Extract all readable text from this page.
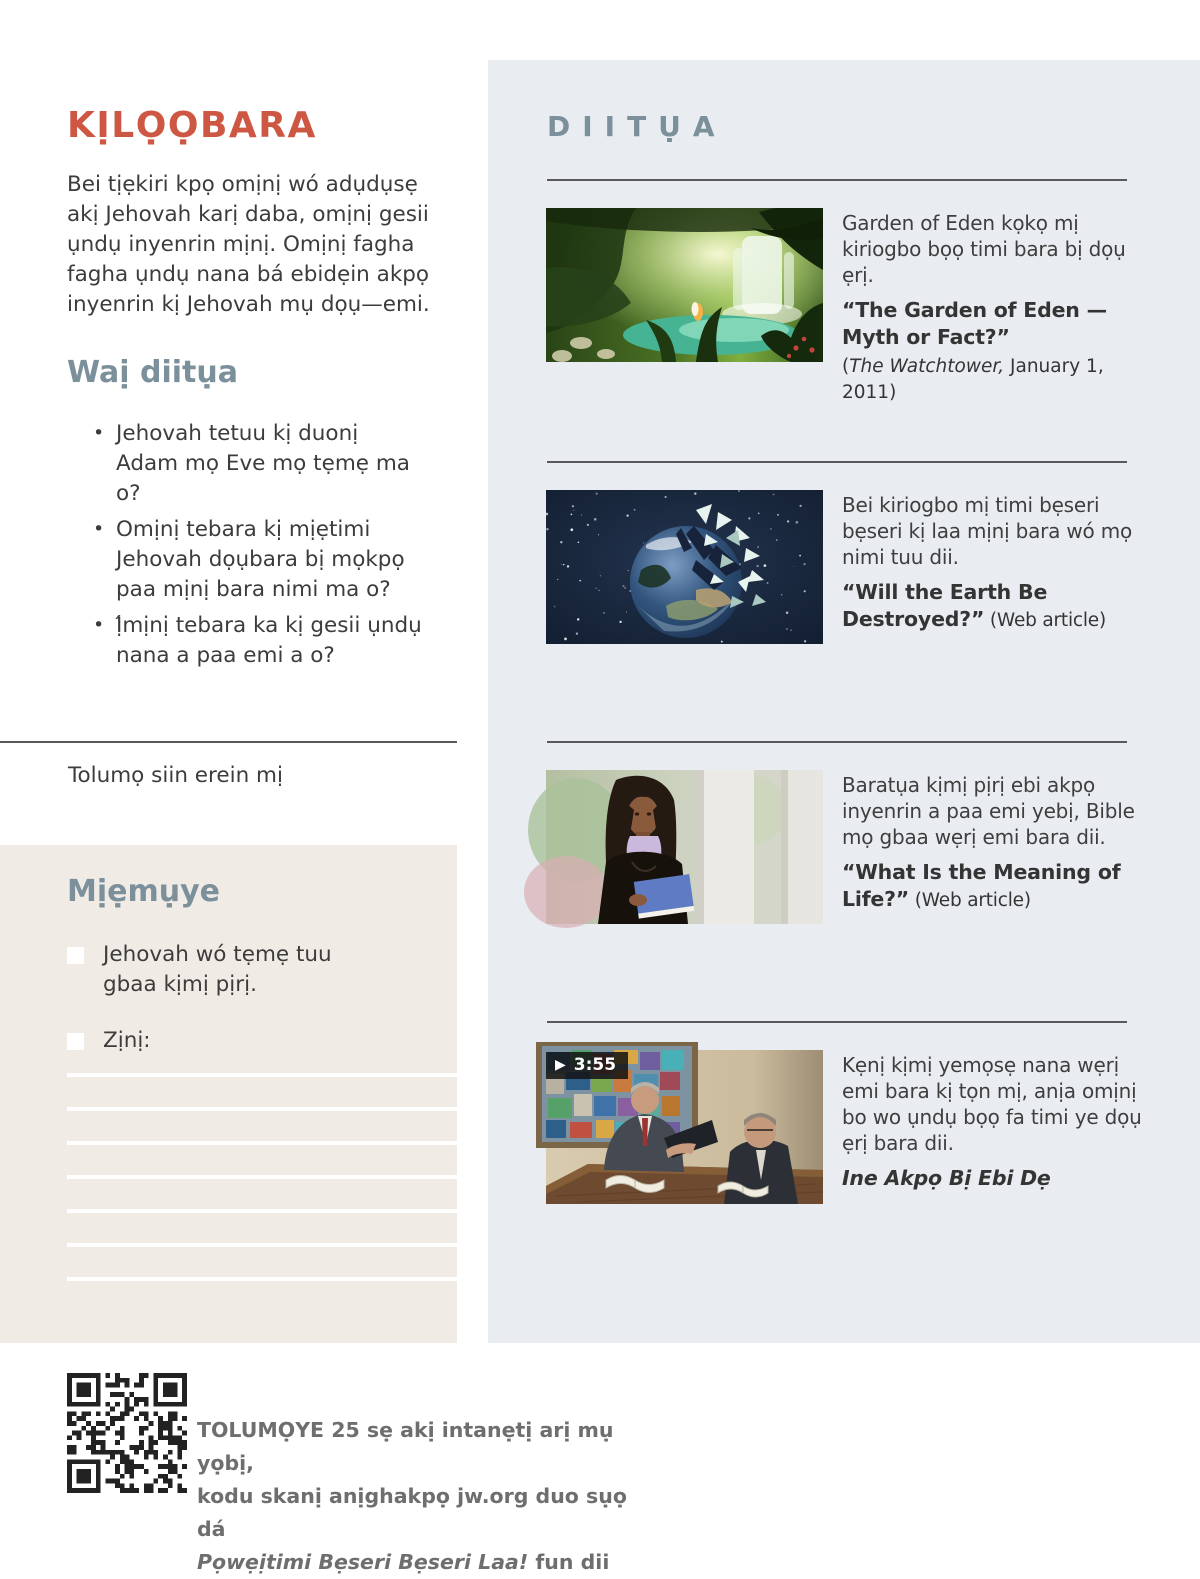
KỊLỌỌBARA

Bei tịẹkiri kpọ omịnị wó adụdụsẹ akị Jehovah karị daba, omịnị gesii ụndụ inyenrin mịnị. Omịnị fagha fagha ụndụ nana bá ebidẹin akpọ inyenrin kị Jehovah mụ dọụ—emi.

Waị diitụa
• Jehovah tetuu kị duonị Adam mọ Eve mọ tẹmẹ ma o?
• Omịnị tebara kị mịẹtimi Jehovah dọụbara bị mọkpọ paa mịnị bara nimi ma o?
• Ị́mịnị tebara ka kị gesii ụndụ nana a paa emi a o?

Tolumọ siin erein mị

Mịẹmụye

Jehovah wó tẹmẹ tuu gbaa kịmị pịrị.

Zịnị:

TOLUMỌYE 25 sẹ akị intanẹtị arị mụ yọbị,
kodu skanị anịghakpọ jw.org duo sụọ dá
Pọwẹịtimi Bẹseri Bẹseri Laa! fun dii
DIITỤA

Garden of Eden kọkọ mị kiriogbo bọọ timi bara bị dọụ ẹrị.

“The Garden of Eden —Myth or Fact?”

(The Watchtower, January 1, 2011)

Bei kiriogbo mị timi bẹseri bẹseri kị laa mịnị bara wó mọ nimi tuu dii.

“Will the Earth Be Destroyed?” (Web article)

Baratụa kịmị pịrị ebi akpọ inyenrin a paa emi yebị, Bible mọ gbaa wẹrị emi bara dii.

“What Is the Meaning of Life?” (Web article)

▶ 3:55	Kẹnị kịmị yemọsẹ nana wẹrị emi bara kị tọn mị, anịa omịnị bo wo ụndụ bọọ fa timi ye dọụ ẹrị bara dii.

Ine Akpọ Bị Ebi Dẹ
